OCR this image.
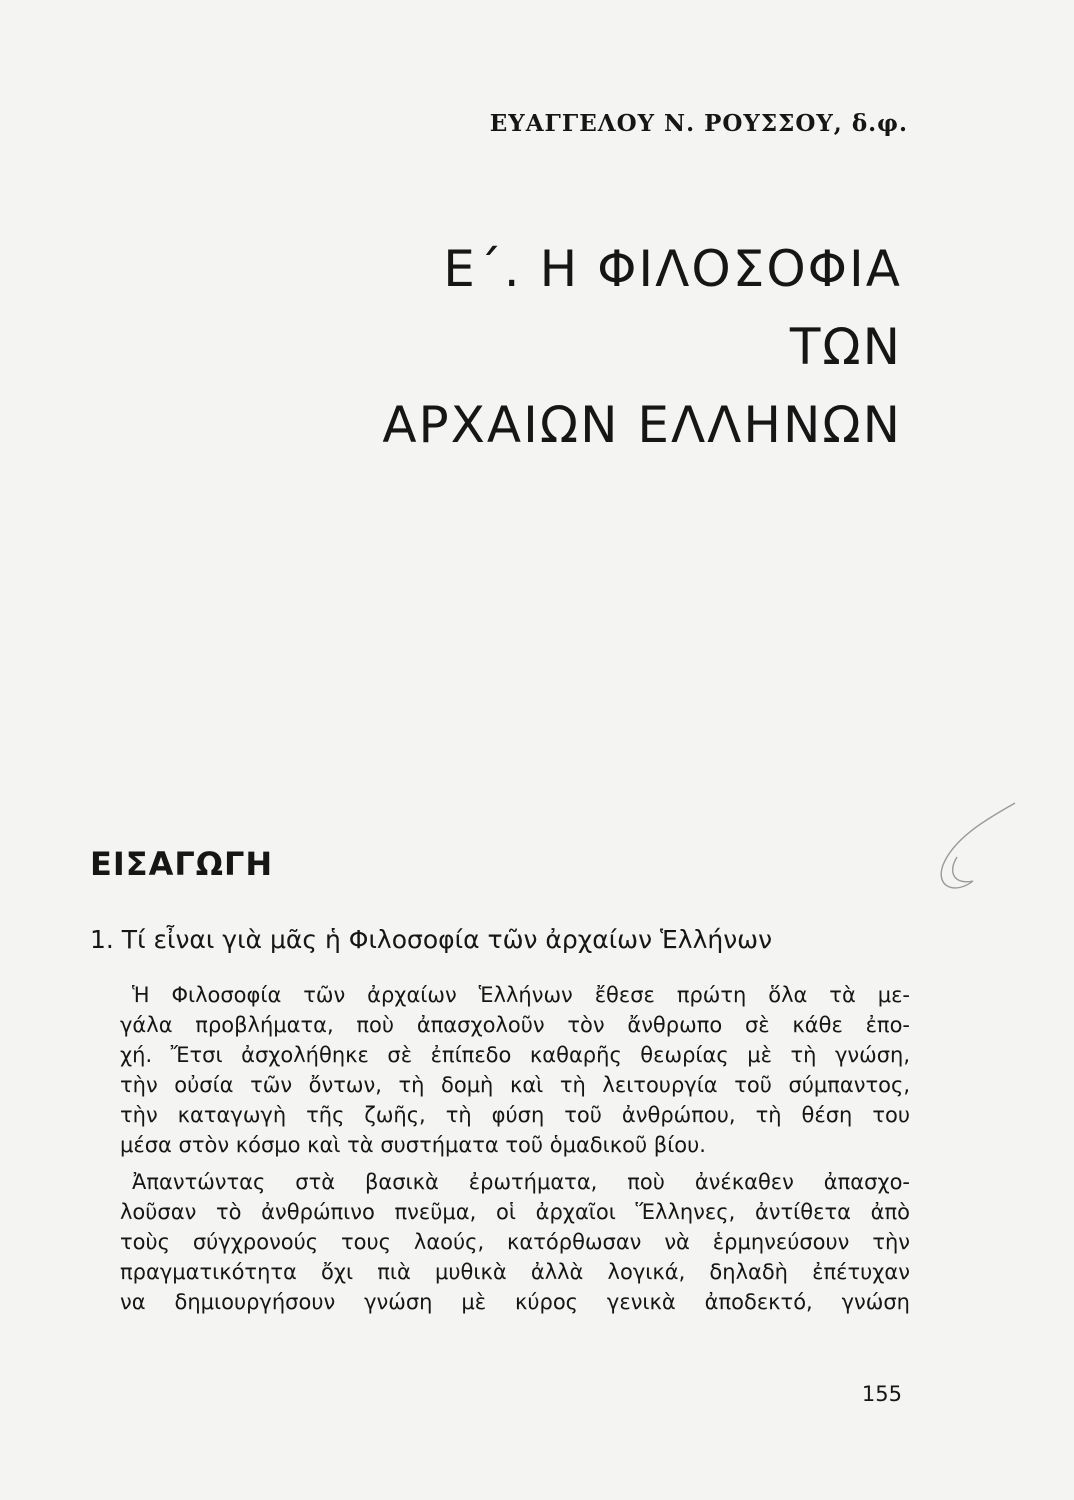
ΕΥΑΓΓΕΛΟΥ Ν. ΡΟΥΣΣΟΥ, δ.φ.
Ε΄. Η ΦΙΛΟΣΟΦΙΑ
ΤΩΝ
ΑΡΧΑΙΩΝ ΕΛΛΗΝΩΝ
ΕΙΣΑΓΩΓΗ
1. Τί εἶναι γιὰ μᾶς ἡ Φιλοσοφία τῶν ἀρχαίων Ἑλλήνων
Ἡ Φιλοσοφία τῶν ἀρχαίων Ἑλλήνων ἔθεσε πρώτη ὅλα τὰ με-
γάλα προβλήματα, ποὺ ἀπασχολοῦν τὸν ἄνθρωπο σὲ κάθε ἐπο-
χή. Ἔτσι ἀσχολήθηκε σὲ ἐπίπεδο καθαρῆς θεωρίας μὲ τὴ γνώση,
τὴν οὐσία τῶν ὄντων, τὴ δομὴ καὶ τὴ λειτουργία τοῦ σύμπαντος,
τὴν καταγωγὴ τῆς ζωῆς, τὴ φύση τοῦ ἀνθρώπου, τὴ θέση του
μέσα στὸν κόσμο καὶ τὰ συστήματα τοῦ ὁμαδικοῦ βίου.
Ἀπαντώντας στὰ βασικὰ ἐρωτήματα, ποὺ ἀνέκαθεν ἀπασχο-
λοῦσαν τὸ ἀνθρώπινο πνεῦμα, οἱ ἀρχαῖοι Ἕλληνες, ἀντίθετα ἀπὸ
τοὺς σύγχρονούς τους λαούς, κατόρθωσαν νὰ ἑρμηνεύσουν τὴν
πραγματικότητα ὄχι πιὰ μυθικὰ ἀλλὰ λογικά, δηλαδὴ ἐπέτυχαν
να δημιουργήσουν γνώση μὲ κύρος γενικὰ ἀποδεκτό, γνώση
155
